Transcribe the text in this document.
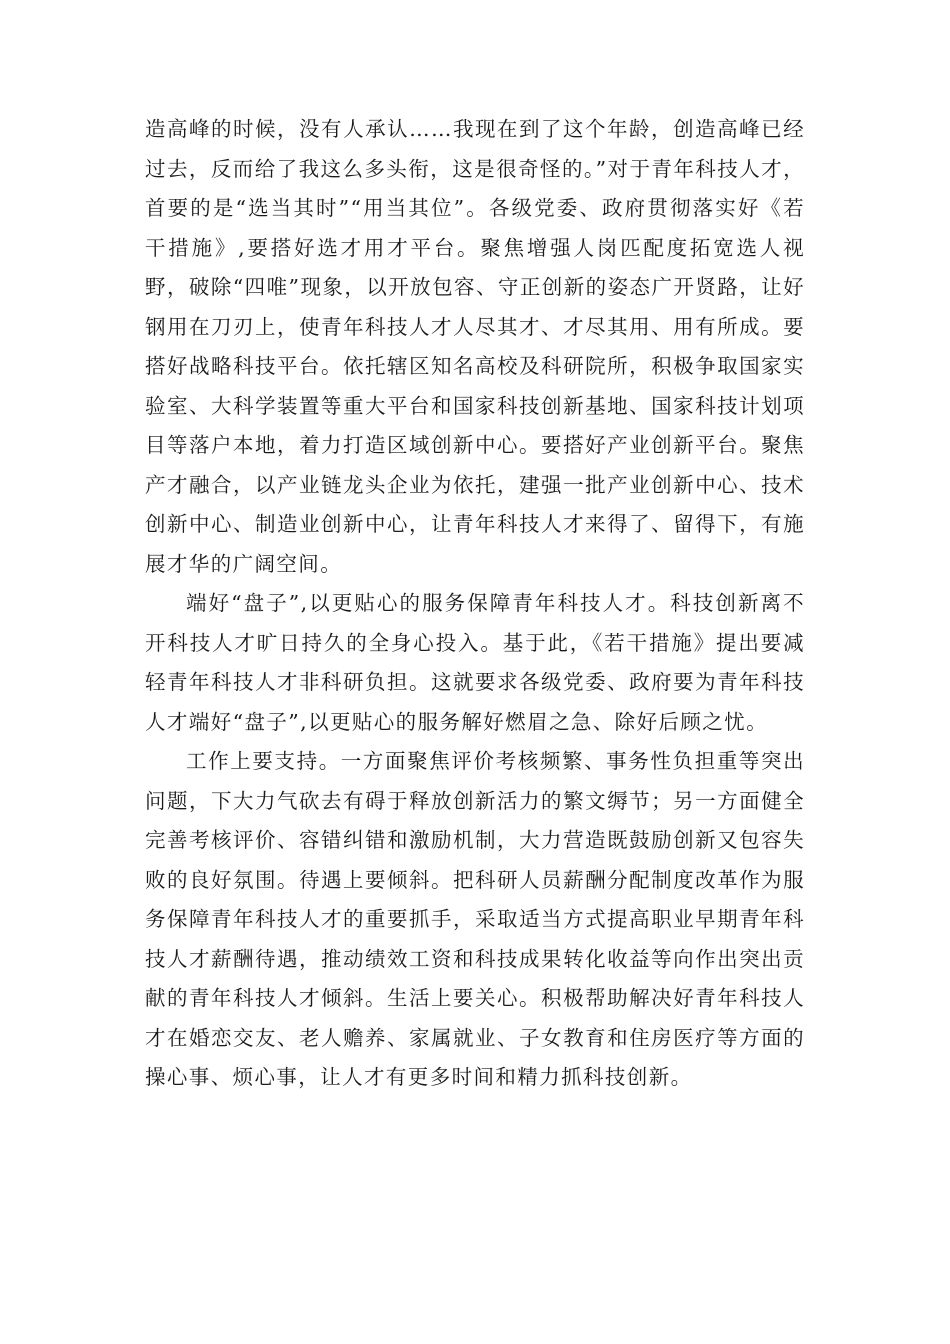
造高峰的时候，没有人承认……我现在到了这个年龄，创造高峰已经过去，反而给了我这么多头衔，这是很奇怪的。”对于青年科技人才，首要的是“选当其时”“用当其位”。各级党委、政府贯彻落实好《若干措施》,要搭好选才用才平台。聚焦增强人岗匹配度拓宽选人视野，破除“四唯”现象，以开放包容、守正创新的姿态广开贤路，让好钢用在刀刃上，使青年科技人才人尽其才、才尽其用、用有所成。要搭好战略科技平台。依托辖区知名高校及科研院所，积极争取国家实验室、大科学装置等重大平台和国家科技创新基地、国家科技计划项目等落户本地，着力打造区域创新中心。要搭好产业创新平台。聚焦产才融合，以产业链龙头企业为依托，建强一批产业创新中心、技术创新中心、制造业创新中心，让青年科技人才来得了、留得下，有施展才华的广阔空间。

端好“盘子”,以更贴心的服务保障青年科技人才。科技创新离不开科技人才旷日持久的全身心投入。基于此，《若干措施》提出要减轻青年科技人才非科研负担。这就要求各级党委、政府要为青年科技人才端好“盘子”,以更贴心的服务解好燃眉之急、除好后顾之忧。

工作上要支持。一方面聚焦评价考核频繁、事务性负担重等突出问题，下大力气砍去有碍于释放创新活力的繁文缛节；另一方面健全完善考核评价、容错纠错和激励机制，大力营造既鼓励创新又包容失败的良好氛围。待遇上要倾斜。把科研人员薪酬分配制度改革作为服务保障青年科技人才的重要抓手，采取适当方式提高职业早期青年科技人才薪酬待遇，推动绩效工资和科技成果转化收益等向作出突出贡献的青年科技人才倾斜。生活上要关心。积极帮助解决好青年科技人才在婚恋交友、老人赡养、家属就业、子女教育和住房医疗等方面的操心事、烦心事，让人才有更多时间和精力抓科技创新。
